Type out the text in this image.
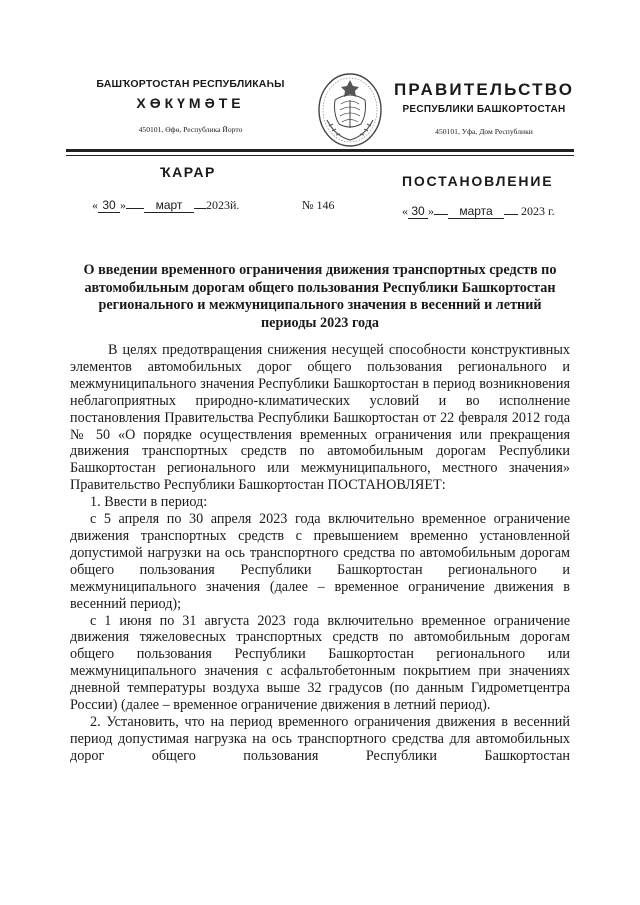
БАШҠОРТОСТАН РЕСПУБЛИКАҺЫ
ХӨКҮМӘТЕ
450101, Өфө, Республика Йорто
ПРАВИТЕЛЬСТВО
РЕСПУБЛИКИ БАШКОРТОСТАН
450101, Уфа, Дом Республики
ҠАРАР
ПОСТАНОВЛЕНИЕ
« 30 » март 2023й.	№ 146	« 30 » марта 2023 г.
О введении временного ограничения движения транспортных средств по автомобильным дорогам общего пользования Республики Башкортостан регионального и межмуниципального значения в весенний и летний периоды 2023 года

В целях предотвращения снижения несущей способности конструктивных элементов автомобильных дорог общего пользования регионального и межмуниципального значения Республики Башкортостан в период возникновения неблагоприятных природно-климатических условий и во исполнение постановления Правительства Республики Башкортостан от 22 февраля 2012 года № 50 «О порядке осуществления временных ограничения или прекращения движения транспортных средств по автомобильным дорогам Республики Башкортостан регионального или межмуниципального, местного значения» Правительство Республики Башкортостан ПОСТАНОВЛЯЕТ:

1. Ввести в период:

с 5 апреля по 30 апреля 2023 года включительно временное ограничение движения транспортных средств с превышением временно установленной допустимой нагрузки на ось транспортного средства по автомобильным дорогам общего пользования Республики Башкортостан регионального и межмуниципального значения (далее – временное ограничение движения в весенний период);

с 1 июня по 31 августа 2023 года включительно временное ограничение движения тяжеловесных транспортных средств по автомобильным дорогам общего пользования Республики Башкортостан регионального или межмуниципального значения с асфальтобетонным покрытием при значениях дневной температуры воздуха выше 32 градусов (по данным Гидрометцентра России) (далее – временное ограничение движения в летний период).

2. Установить, что на период временного ограничения движения в весенний период допустимая нагрузка на ось транспортного средства для автомобильных дорог общего пользования Республики Башкортостан
